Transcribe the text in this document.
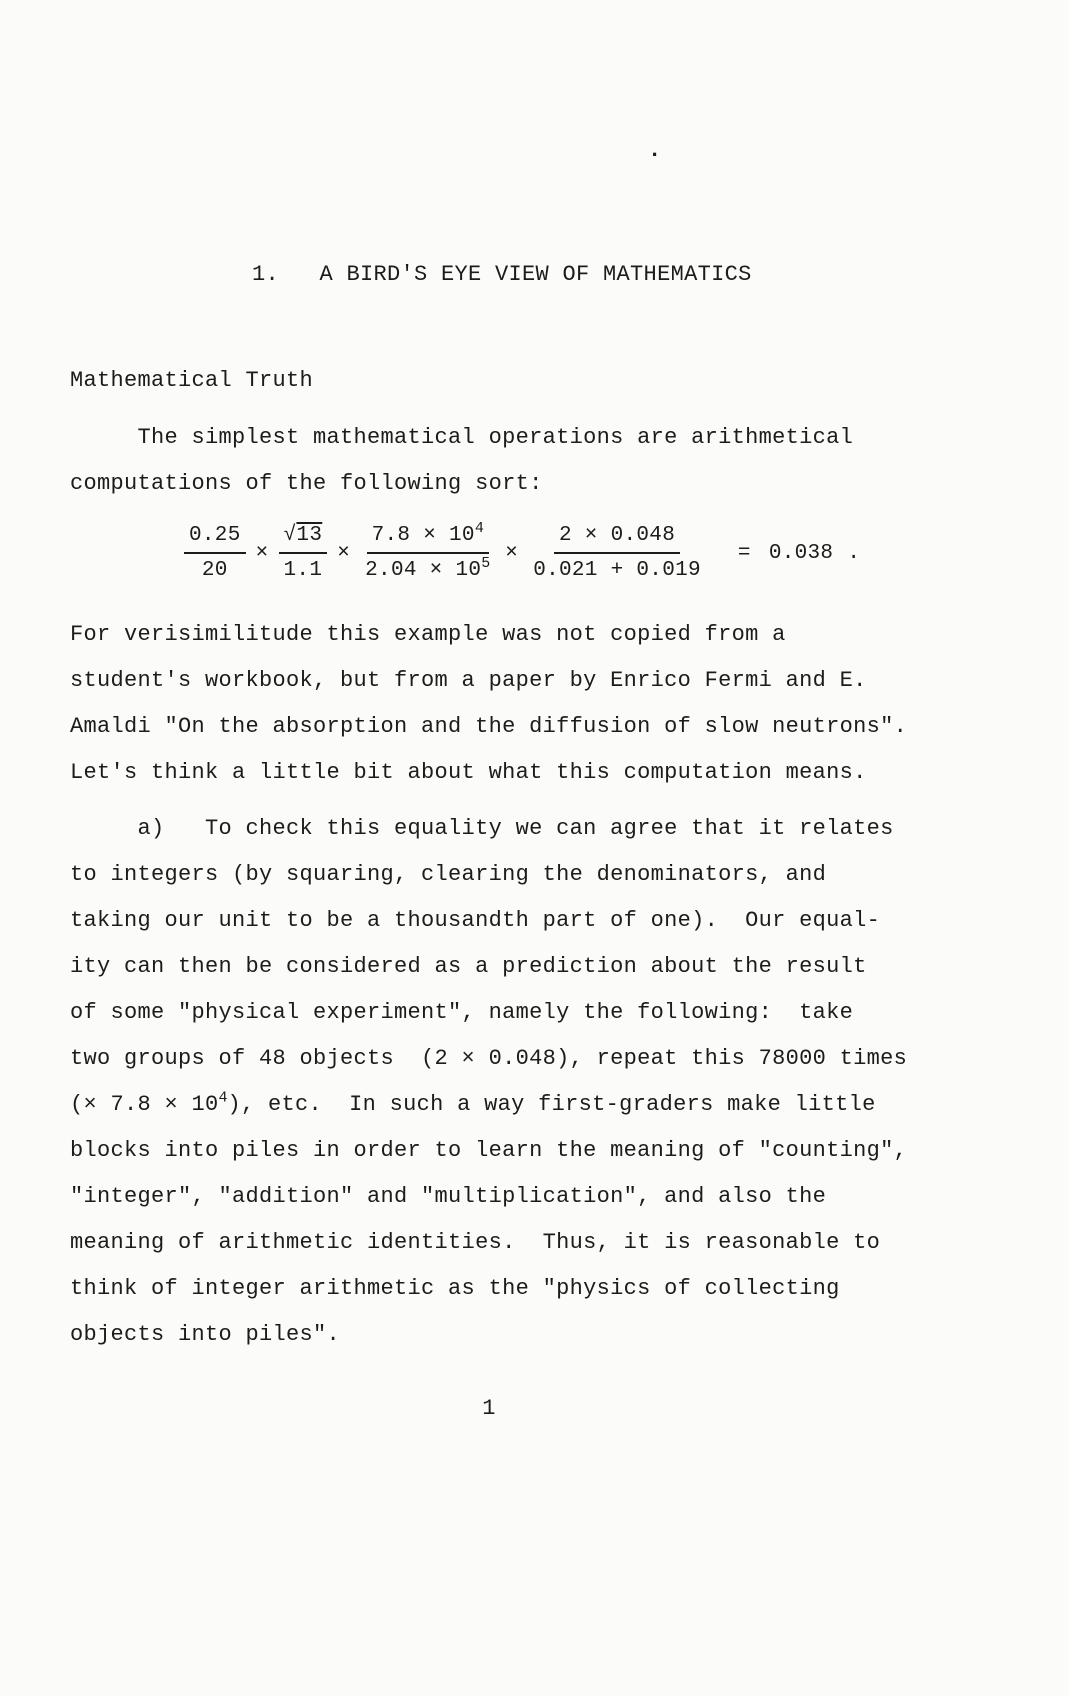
.
1.   A BIRD'S EYE VIEW OF MATHEMATICS
Mathematical Truth
The simplest mathematical operations are arithmetical
computations of the following sort:
$\frac{0.25}{20} \times \frac{√13}{1.1} \times \frac{7.8 \times 10^4}{2.04 \times 10^5} \times \frac{2 \times 0.048}{0.021 + 0.019} = 0.038$ .
For verisimilitude this example was not copied from a
student's workbook, but from a paper by Enrico Fermi and E.
Amaldi "On the absorption and the diffusion of slow neutrons".
Let's think a little bit about what this computation means.
a)   To check this equality we can agree that it relates
to integers (by squaring, clearing the denominators, and
taking our unit to be a thousandth part of one).  Our equal-
ity can then be considered as a prediction about the result
of some "physical experiment", namely the following:  take
two groups of 48 objects  (2 × 0.048), repeat this 78000 times
(× $7.8 \times 10^4$), etc.  In such a way first-graders make little
blocks into piles in order to learn the meaning of "counting",
"integer", "addition" and "multiplication", and also the
meaning of arithmetic identities.  Thus, it is reasonable to
think of integer arithmetic as the "physics of collecting
objects into piles".
1
